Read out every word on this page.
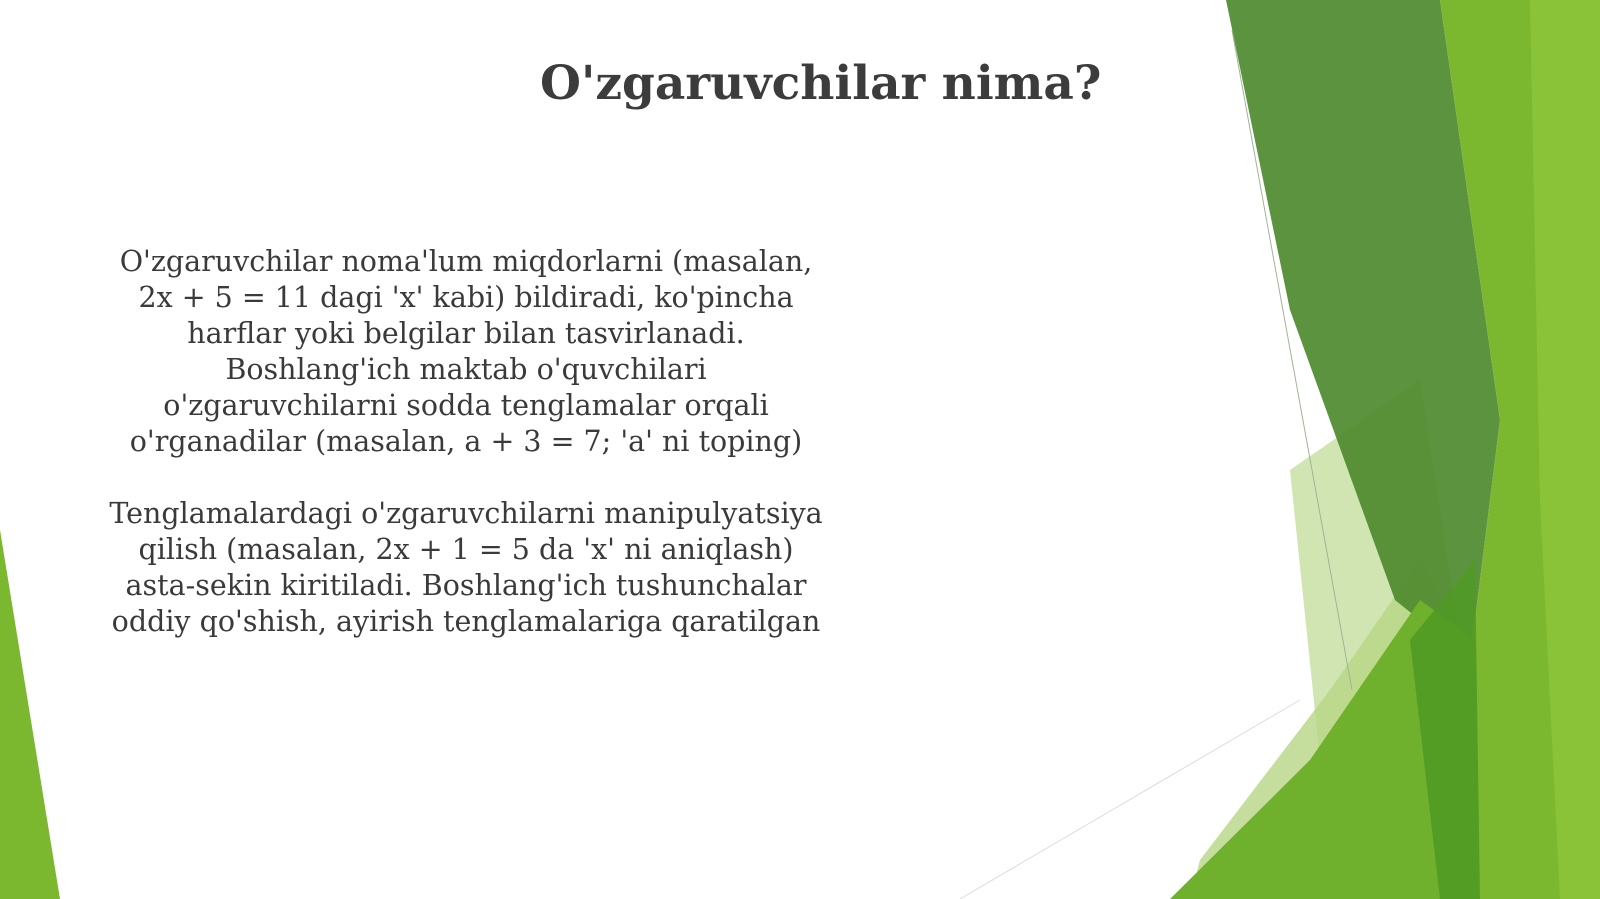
O'zgaruvchilar nima?

O'zgaruvchilar noma'lum miqdorlarni (masalan, 2x + 5 = 11 dagi 'x' kabi) bildiradi, ko'pincha harflar yoki belgilar bilan tasvirlanadi. Boshlang'ich maktab o'quvchilari o'zgaruvchilarni sodda tenglamalar orqali o'rganadilar (masalan, a + 3 = 7; 'a' ni toping)

Tenglamalardagi o'zgaruvchilarni manipulyatsiya qilish (masalan, 2x + 1 = 5 da 'x' ni aniqlash) asta-sekin kiritiladi. Boshlang'ich tushunchalar oddiy qo'shish, ayirish tenglamalariga qaratilgan
